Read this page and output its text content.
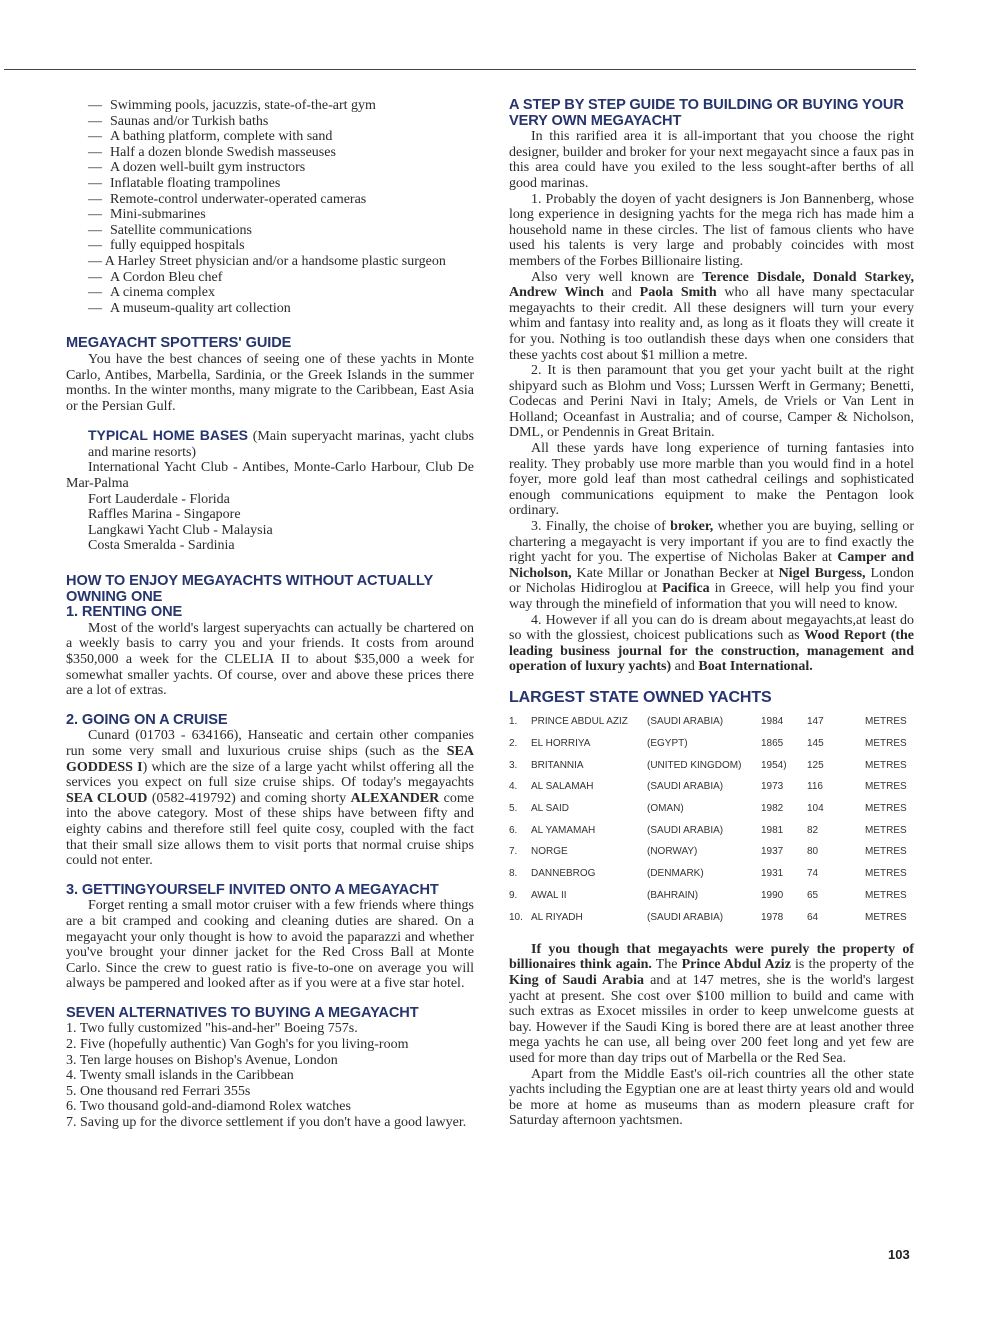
—Swimming pools, jacuzzis, state-of-the-art gym
—Saunas and/or Turkish baths
—A bathing platform, complete with sand
—Half a dozen blonde Swedish masseuses
—A dozen well-built gym instructors
—Inflatable floating trampolines
—Remote-control underwater-operated cameras
—Mini-submarines
—Satellite communications
—fully equipped hospitals
— A Harley Street physician and/or a handsome plastic surgeon
—A Cordon Bleu chef
—A cinema complex
—A museum-quality art collection
MEGAYACHT SPOTTERS' GUIDE

You have the best chances of seeing one of these yachts in Monte Carlo, Antibes, Marbella, Sardinia, or the Greek Islands in the summer months. In the winter months, many migrate to the Caribbean, East Asia or the Persian Gulf.

TYPICAL HOME BASES (Main superyacht marinas, yacht clubs and marine resorts)

International Yacht Club - Antibes, Monte-Carlo Harbour, Club De Mar-Palma

Fort Lauderdale - Florida

Raffles Marina - Singapore

Langkawi Yacht Club - Malaysia

Costa Smeralda - Sardinia

HOW TO ENJOY MEGAYACHTS WITHOUT ACTUALLY OWNING ONE
1. RENTING ONE

Most of the world's largest superyachts can actually be chartered on a weekly basis to carry you and your friends. It costs from around $350,000 a week for the CLELIA II to about $35,000 a week for somewhat smaller yachts. Of course, over and above these prices there are a lot of extras.

2. GOING ON A CRUISE

Cunard (01703 - 634166), Hanseatic and certain other companies run some very small and luxurious cruise ships (such as the SEA GODDESS I) which are the size of a large yacht whilst offering all the services you expect on full size cruise ships. Of today's megayachts SEA CLOUD (0582-419792) and coming shorty ALEXANDER come into the above category. Most of these ships have between fifty and eighty cabins and therefore still feel quite cosy, coupled with the fact that their small size allows them to visit ports that normal cruise ships could not enter.

3. GETTINGYOURSELF INVITED ONTO A MEGAYACHT

Forget renting a small motor cruiser with a few friends where things are a bit cramped and cooking and cleaning duties are shared. On a megayacht your only thought is how to avoid the paparazzi and whether you've brought your dinner jacket for the Red Cross Ball at Monte Carlo. Since the crew to guest ratio is five-to-one on average you will always be pampered and looked after as if you were at a five star hotel.

SEVEN ALTERNATIVES TO BUYING A MEGAYACHT
1. Two fully customized "his-and-her" Boeing 757s.
2. Five (hopefully authentic) Van Gogh's for you living-room
3. Ten large houses on Bishop's Avenue, London
4. Twenty small islands in the Caribbean
5. One thousand red Ferrari 355s
6. Two thousand gold-and-diamond Rolex watches
7. Saving up for the divorce settlement if you don't have a good lawyer.
A STEP BY STEP GUIDE TO BUILDING OR BUYING YOUR VERY OWN MEGAYACHT

In this rarified area it is all-important that you choose the right designer, builder and broker for your next megayacht since a faux pas in this area could have you exiled to the less sought-after berths of all good marinas.

1. Probably the doyen of yacht designers is Jon Bannenberg, whose long experience in designing yachts for the mega rich has made him a household name in these circles. The list of famous clients who have used his talents is very large and probably coincides with most members of the Forbes Billionaire listing.

Also very well known are Terence Disdale, Donald Starkey, Andrew Winch and Paola Smith who all have many spectacular megayachts to their credit. All these designers will turn your every whim and fantasy into reality and, as long as it floats they will create it for you. Nothing is too outlandish these days when one considers that these yachts cost about $1 million a metre.

2. It is then paramount that you get your yacht built at the right shipyard such as Blohm und Voss; Lurssen Werft in Germany; Benetti, Codecas and Perini Navi in Italy; Amels, de Vriels or Van Lent in Holland; Oceanfast in Australia; and of course, Camper & Nicholson, DML, or Pendennis in Great Britain.

All these yards have long experience of turning fantasies into reality. They probably use more marble than you would find in a hotel foyer, more gold leaf than most cathedral ceilings and sophisticated enough communications equipment to make the Pentagon look ordinary.

3. Finally, the choise of broker, whether you are buying, selling or chartering a megayacht is very important if you are to find exactly the right yacht for you. The expertise of Nicholas Baker at Camper and Nicholson, Kate Millar or Jonathan Becker at Nigel Burgess, London or Nicholas Hidiroglou at Pacifica in Greece, will help you find your way through the minefield of information that you will need to know.

4. However if all you can do is dream about megayachts,at least do so with the glossiest, choicest publications such as Wood Report (the leading business journal for the construction, management and operation of luxury yachts) and Boat International.

LARGEST STATE OWNED YACHTS
1.	PRINCE ABDUL AZIZ	(SAUDI ARABIA)	1984	147	METRES
2.	EL HORRIYA	(EGYPT)	1865	145	METRES
3.	BRITANNIA	(UNITED KINGDOM)	1954)	125	METRES
4.	AL SALAMAH	(SAUDI ARABIA)	1973	116	METRES
5.	AL SAID	(OMAN)	1982	104	METRES
6.	AL YAMAMAH	(SAUDI ARABIA)	1981	82	METRES
7.	NORGE	(NORWAY)	1937	80	METRES
8.	DANNEBROG	(DENMARK)	1931	74	METRES
9.	AWAL II	(BAHRAIN)	1990	65	METRES
10.	AL RIYADH	(SAUDI ARABIA)	1978	64	METRES

If you though that megayachts were purely the property of billionaires think again. The Prince Abdul Aziz is the property of the King of Saudi Arabia and at 147 metres, she is the world's largest yacht at present. She cost over $100 million to build and came with such extras as Exocet missiles in order to keep unwelcome guests at bay. However if the Saudi King is bored there are at least another three mega yachts he can use, all being over 200 feet long and yet few are used for more than day trips out of Marbella or the Red Sea.

Apart from the Middle East's oil-rich countries all the other state yachts including the Egyptian one are at least thirty years old and would be more at home as museums than as modern pleasure craft for Saturday afternoon yachtsmen.

103
